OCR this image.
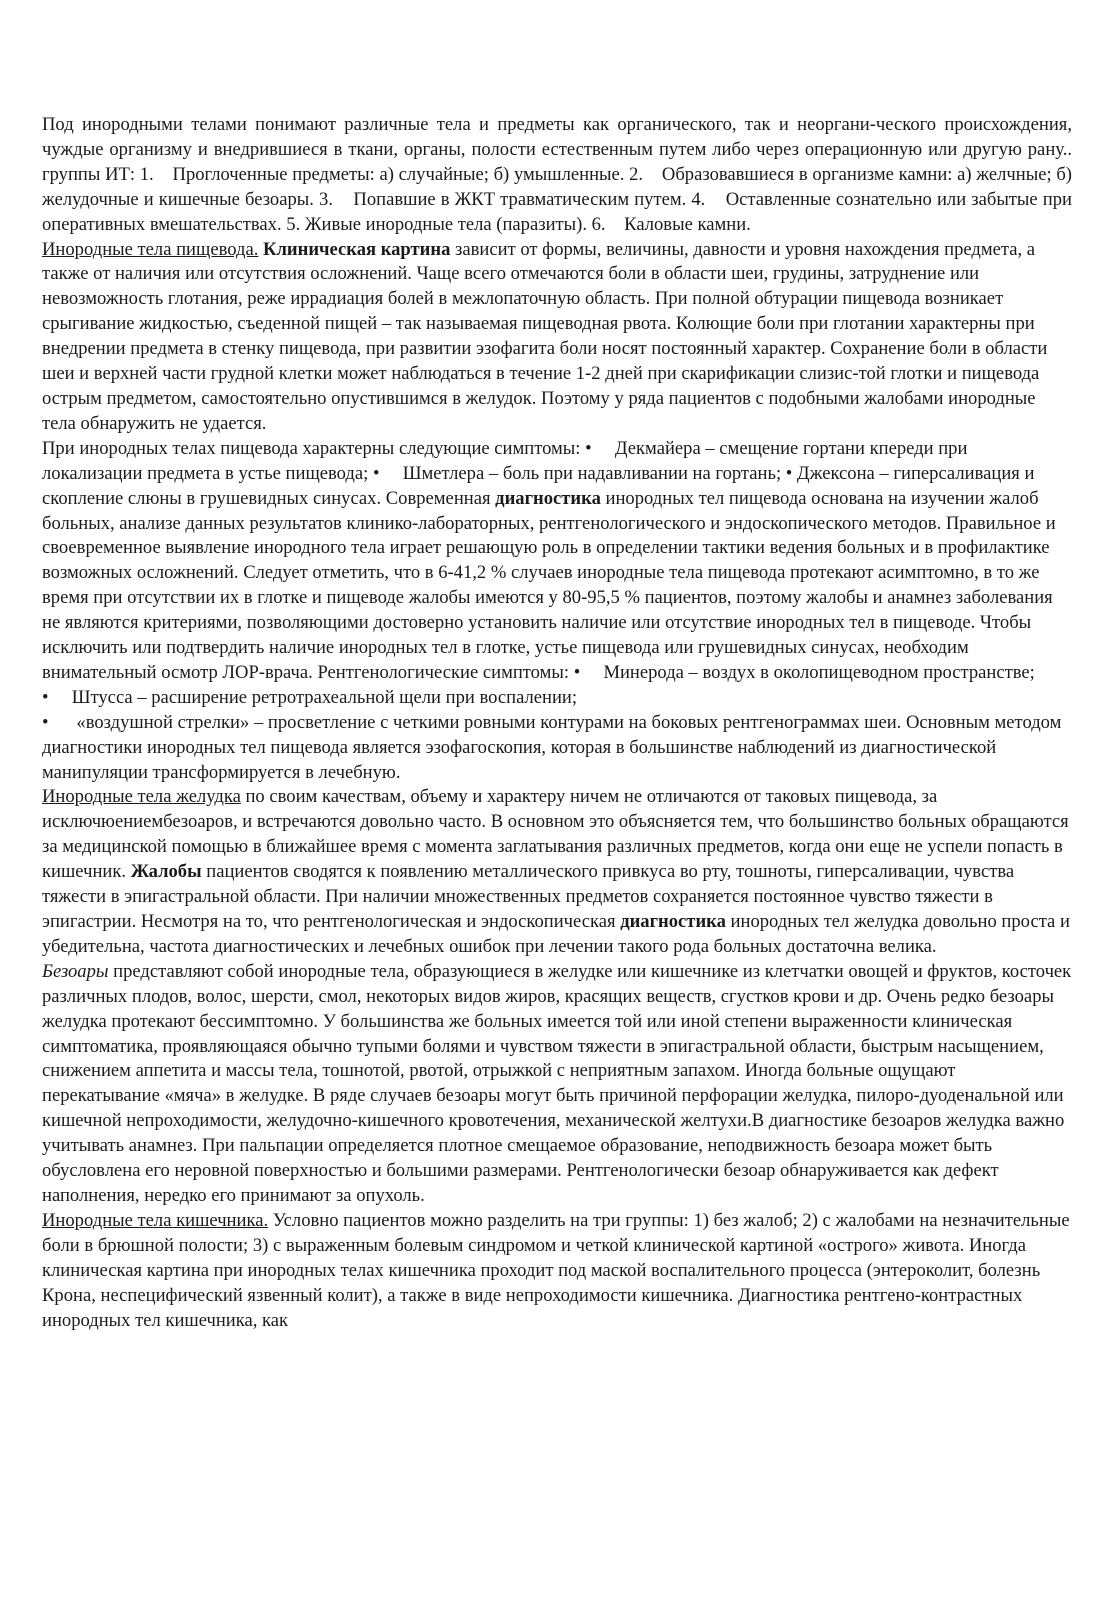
Под инородными телами понимают различные тела и предметы как органического, так и неоргани-ческого происхождения, чуждые организму и внедрившиеся в ткани, органы, полости естественным путем либо через операционную или другую рану.. группы ИТ: 1.    Проглоченные предметы: а) случайные; б) умышленные. 2.    Образовавшиеся в организме камни: а) желчные; б) желудочные и кишечные безоары. 3.    Попавшие в ЖКТ травматическим путем. 4.    Оставленные сознательно или забытые при оперативных вмешательствах. 5. Живые инородные тела (паразиты). 6.    Каловые камни.

Инородные тела пищевода. Клиническая картина зависит от формы, величины, давности и уровня нахождения предмета, а также от наличия или отсутствия осложнений. Чаще всего отмечаются боли в области шеи, грудины, затруднение или невозможность глотания, реже иррадиация болей в межлопаточную область. При полной обтурации пищевода возникает срыгивание жидкостью, съеденной пищей – так называемая пищеводная рвота. Колющие боли при глотании характерны при внедрении предмета в стенку пищевода, при развитии эзофагита боли носят постоянный характер. Сохранение боли в области шеи и верхней части грудной клетки может наблюдаться в течение 1-2 дней при скарификации слизис-той глотки и пищевода острым предметом, самостоятельно опустившимся в желудок. Поэтому у ряда пациентов с подобными жалобами инородные тела обнаружить не удается.

При инородных телах пищевода характерны следующие симптомы: •     Декмайера – смещение гортани кпереди при локализации предмета в устье пищевода; •     Шметлера – боль при надавливании на гортань; • Джексона – гиперсаливация и скопление слюны в грушевидных синусах. Современная диагностика инородных тел пищевода основана на изучении жалоб больных, анализе данных результатов клинико-лабораторных, рентгенологического и эндоскопического методов. Правильное и своевременное выявление инородного тела играет решающую роль в определении тактики ведения больных и в профилактике возможных осложнений. Следует отметить, что в 6-41,2 % случаев инородные тела пищевода протекают асимптомно, в то же время при отсутствии их в глотке и пищеводе жалобы имеются у 80-95,5 % пациентов, поэтому жалобы и анамнез заболевания не являются критериями, позволяющими достоверно установить наличие или отсутствие инородных тел в пищеводе. Чтобы исключить или подтвердить наличие инородных тел в глотке, устье пищевода или грушевидных синусах, необходим внимательный осмотр ЛОР-врача. Рентгенологические симптомы: •     Минерода – воздух в околопищеводном пространстве; •     Штусса – расширение ретротрахеальной щели при воспалении;

•      «воздушной стрелки» – просветление с четкими ровными контурами на боковых рентгенограммах шеи. Основным методом диагностики инородных тел пищевода является эзофагоскопия, которая в большинстве наблюдений из диагностической манипуляции трансформируется в лечебную.

Инородные тела желудка по своим качествам, объему и характеру ничем не отличаются от таковых пищевода, за исключюениембезоаров, и встречаются довольно часто. В основном это объясняется тем, что большинство больных обращаются за медицинской помощью в ближайшее время с момента заглатывания различных предметов, когда они еще не успели попасть в кишечник. Жалобы пациентов сводятся к появлению металлического привкуса во рту, тошноты, гиперсаливации, чувства тяжести в эпигастральной области. При наличии множественных предметов сохраняется постоянное чувство тяжести в эпигастрии. Несмотря на то, что рентгенологическая и эндоскопическая диагностика инородных тел желудка довольно проста и убедительна, частота диагностических и лечебных ошибок при лечении такого рода больных достаточна велика.

Безоары представляют собой инородные тела, образующиеся в желудке или кишечнике из клетчатки овощей и фруктов, косточек различных плодов, волос, шерсти, смол, некоторых видов жиров, красящих веществ, сгустков крови и др. Очень редко безоары желудка протекают бессимптомно. У большинства же больных имеется той или иной степени выраженности клиническая симптоматика, проявляющаяся обычно тупыми болями и чувством тяжести в эпигастральной области, быстрым насыщением, снижением аппетита и массы тела, тошнотой, рвотой, отрыжкой с неприятным запахом. Иногда больные ощущают перекатывание «мяча» в желудке. В ряде случаев безоары могут быть причиной перфорации желудка, пилоро-дуоденальной или кишечной непроходимости, желудочно-кишечного кровотечения, механической желтухи.В диагностике безоаров желудка важно учитывать анамнез. При пальпации определяется плотное смещаемое образование, неподвижность безоара может быть обусловлена его неровной поверхностью и большими размерами. Рентгенологически безоар обнаруживается как дефект наполнения, нередко его принимают за опухоль.

Инородные тела кишечника. Условно пациентов можно разделить на три группы: 1) без жалоб; 2) с жалобами на незначительные боли в брюшной полости; 3) с выраженным болевым синдромом и четкой клинической картиной «острого» живота. Иногда клиническая картина при инородных телах кишечника проходит под маской воспалительного процесса (энтероколит, болезнь Крона, неспецифический язвенный колит), а также в виде непроходимости кишечника. Диагностика рентгено-контрастных инородных тел кишечника, как
